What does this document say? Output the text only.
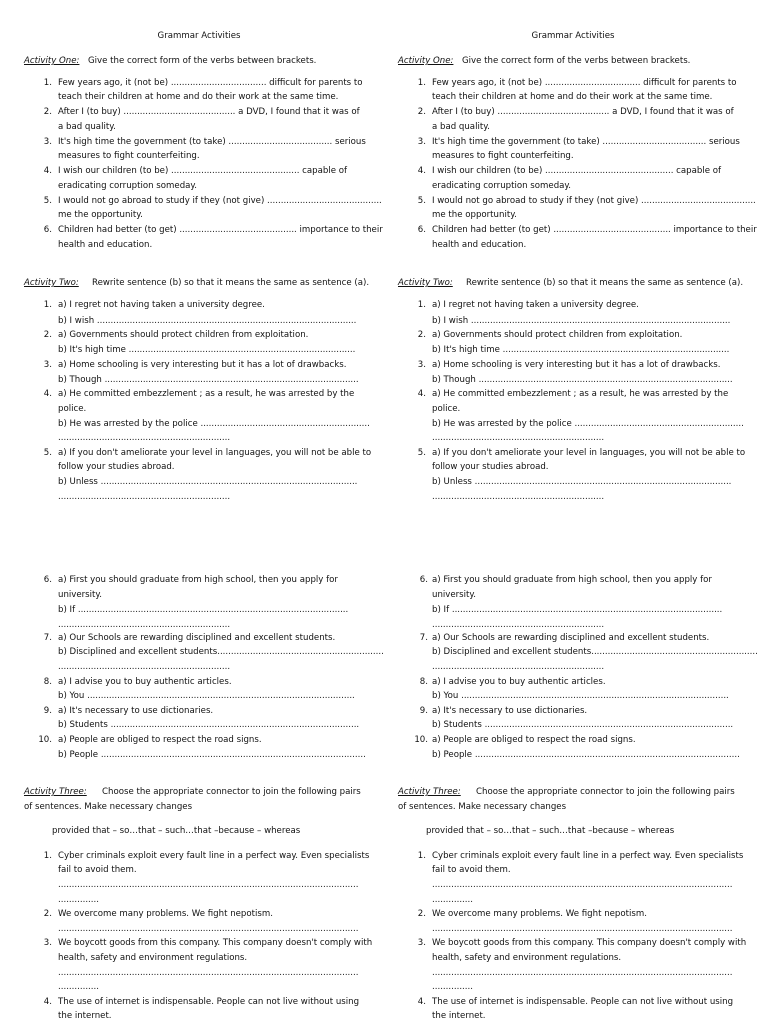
Grammar Activities
Activity One: Give the correct form of the verbs between brackets.
1. Few years ago, it (not be) ................................... difficult for parents to
teach their children at home and do their work at the same time.
2. After I (to buy) ......................................... a DVD, I found that it was of
a bad quality.
3. It's high time the government (to take) ...................................... serious
measures to fight counterfeiting.
4. I wish our children (to be) ............................................... capable of
eradicating corruption someday.
5. I would not go abroad to study if they (not give) ..........................................
me the opportunity.
6. Children had better (to get) ........................................... importance to their
health and education.
Activity Two: Rewrite sentence (b) so that it means the same as sentence (a).
1. a) I regret not having taken a university degree.
b) I wish ...............................................................................................
2. a) Governments should protect children from exploitation.
b) It's high time ...................................................................................
3. a) Home schooling is very interesting but it has a lot of drawbacks.
b) Though .............................................................................................
4. a) He committed embezzlement ; as a result, he was arrested by the
police.
b) He was arrested by the police ..............................................................
...............................................................
5. a) If you don't ameliorate your level in languages, you will not be able to
follow your studies abroad.
b) Unless ..............................................................................................
...............................................................
6. a) First you should graduate from high school, then you apply for
university.
b) If ...................................................................................................
...............................................................
7. a) Our Schools are rewarding disciplined and excellent students.
b) Disciplined and excellent students.............................................................
...............................................................
8. a) I advise you to buy authentic articles.
b) You ..................................................................................................
9. a) It's necessary to use dictionaries.
b) Students ...........................................................................................
10. a) People are obliged to respect the road signs.
b) People .................................................................................................
Activity Three: Choose the appropriate connector to join the following pairs
of sentences. Make necessary changes
provided that – so…that – such…that –because – whereas
1. Cyber criminals exploit every fault line in a perfect way. Even specialists
fail to avoid them.
..............................................................................................................
...............
2. We overcome many problems. We fight nepotism.
..............................................................................................................
3. We boycott goods from this company. This company doesn't comply with
health, safety and environment regulations.
..............................................................................................................
...............
4. The use of internet is indispensable. People can not live without using
the internet.
Grammar Activities
Activity One: Give the correct form of the verbs between brackets.
1. Few years ago, it (not be) ................................... difficult for parents to
teach their children at home and do their work at the same time.
2. After I (to buy) ......................................... a DVD, I found that it was of
a bad quality.
3. It's high time the government (to take) ...................................... serious
measures to fight counterfeiting.
4. I wish our children (to be) ............................................... capable of
eradicating corruption someday.
5. I would not go abroad to study if they (not give) ..........................................
me the opportunity.
6. Children had better (to get) ........................................... importance to their
health and education.
Activity Two: Rewrite sentence (b) so that it means the same as sentence (a).
1. a) I regret not having taken a university degree.
b) I wish ...............................................................................................
2. a) Governments should protect children from exploitation.
b) It's high time ...................................................................................
3. a) Home schooling is very interesting but it has a lot of drawbacks.
b) Though .............................................................................................
4. a) He committed embezzlement ; as a result, he was arrested by the
police.
b) He was arrested by the police ..............................................................
...............................................................
5. a) If you don't ameliorate your level in languages, you will not be able to
follow your studies abroad.
b) Unless ..............................................................................................
...............................................................
6. a) First you should graduate from high school, then you apply for
university.
b) If ...................................................................................................
...............................................................
7. a) Our Schools are rewarding disciplined and excellent students.
b) Disciplined and excellent students.............................................................
...............................................................
8. a) I advise you to buy authentic articles.
b) You ..................................................................................................
9. a) It's necessary to use dictionaries.
b) Students ...........................................................................................
10. a) People are obliged to respect the road signs.
b) People .................................................................................................
Activity Three: Choose the appropriate connector to join the following pairs
of sentences. Make necessary changes
provided that – so…that – such…that –because – whereas
1. Cyber criminals exploit every fault line in a perfect way. Even specialists
fail to avoid them.
..............................................................................................................
...............
2. We overcome many problems. We fight nepotism.
..............................................................................................................
3. We boycott goods from this company. This company doesn't comply with
health, safety and environment regulations.
..............................................................................................................
...............
4. The use of internet is indispensable. People can not live without using
the internet.
